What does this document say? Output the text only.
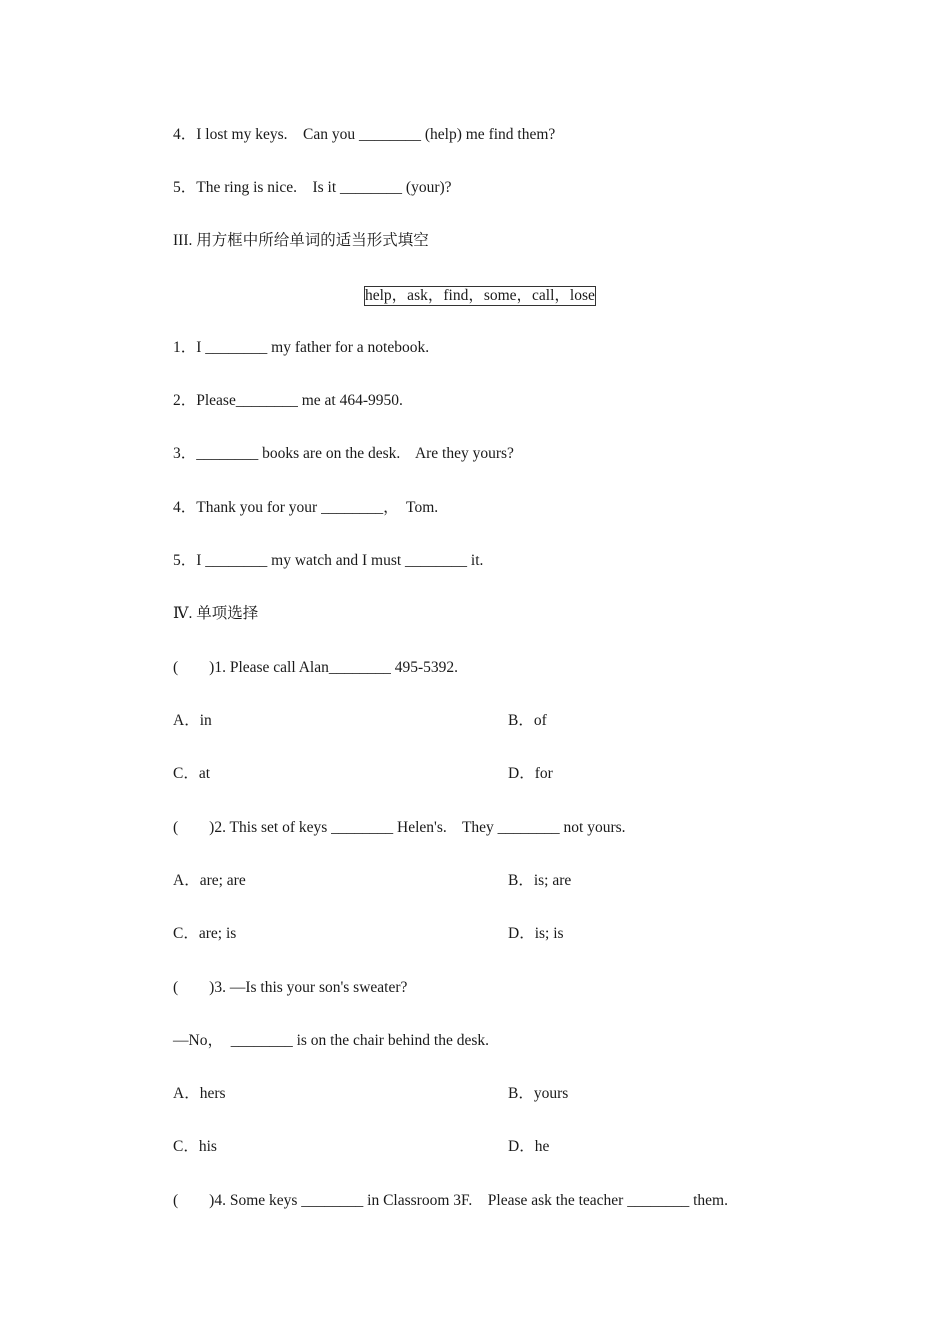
4．I lost my keys.    Can you ________ (help) me find them?
5．The ring is nice.    Is it ________ (your)?
III. 用方框中所给单词的适当形式填空
help，ask，find，some，call，lose
1．I ________ my father for a notebook.
2．Please________ me at 464-9950.
3．________ books are on the desk.    Are they yours?
4．Thank you for your ________，  Tom.
5．I ________ my watch and I must ________ it.
Ⅳ. 单项选择
(        )1. Please call Alan________ 495-5392.
A．in	B．of
C．at	D．for
(        )2. This set of keys ________ Helen's.    They ________ not yours.
A．are; are	B．is; are
C．are; is	D．is; is
(        )3. —Is this your son's sweater?
—No，  ________ is on the chair behind the desk.
A．hers	B．yours
C．his	D．he
(        )4. Some keys ________ in Classroom 3F.    Please ask the teacher ________ them.
